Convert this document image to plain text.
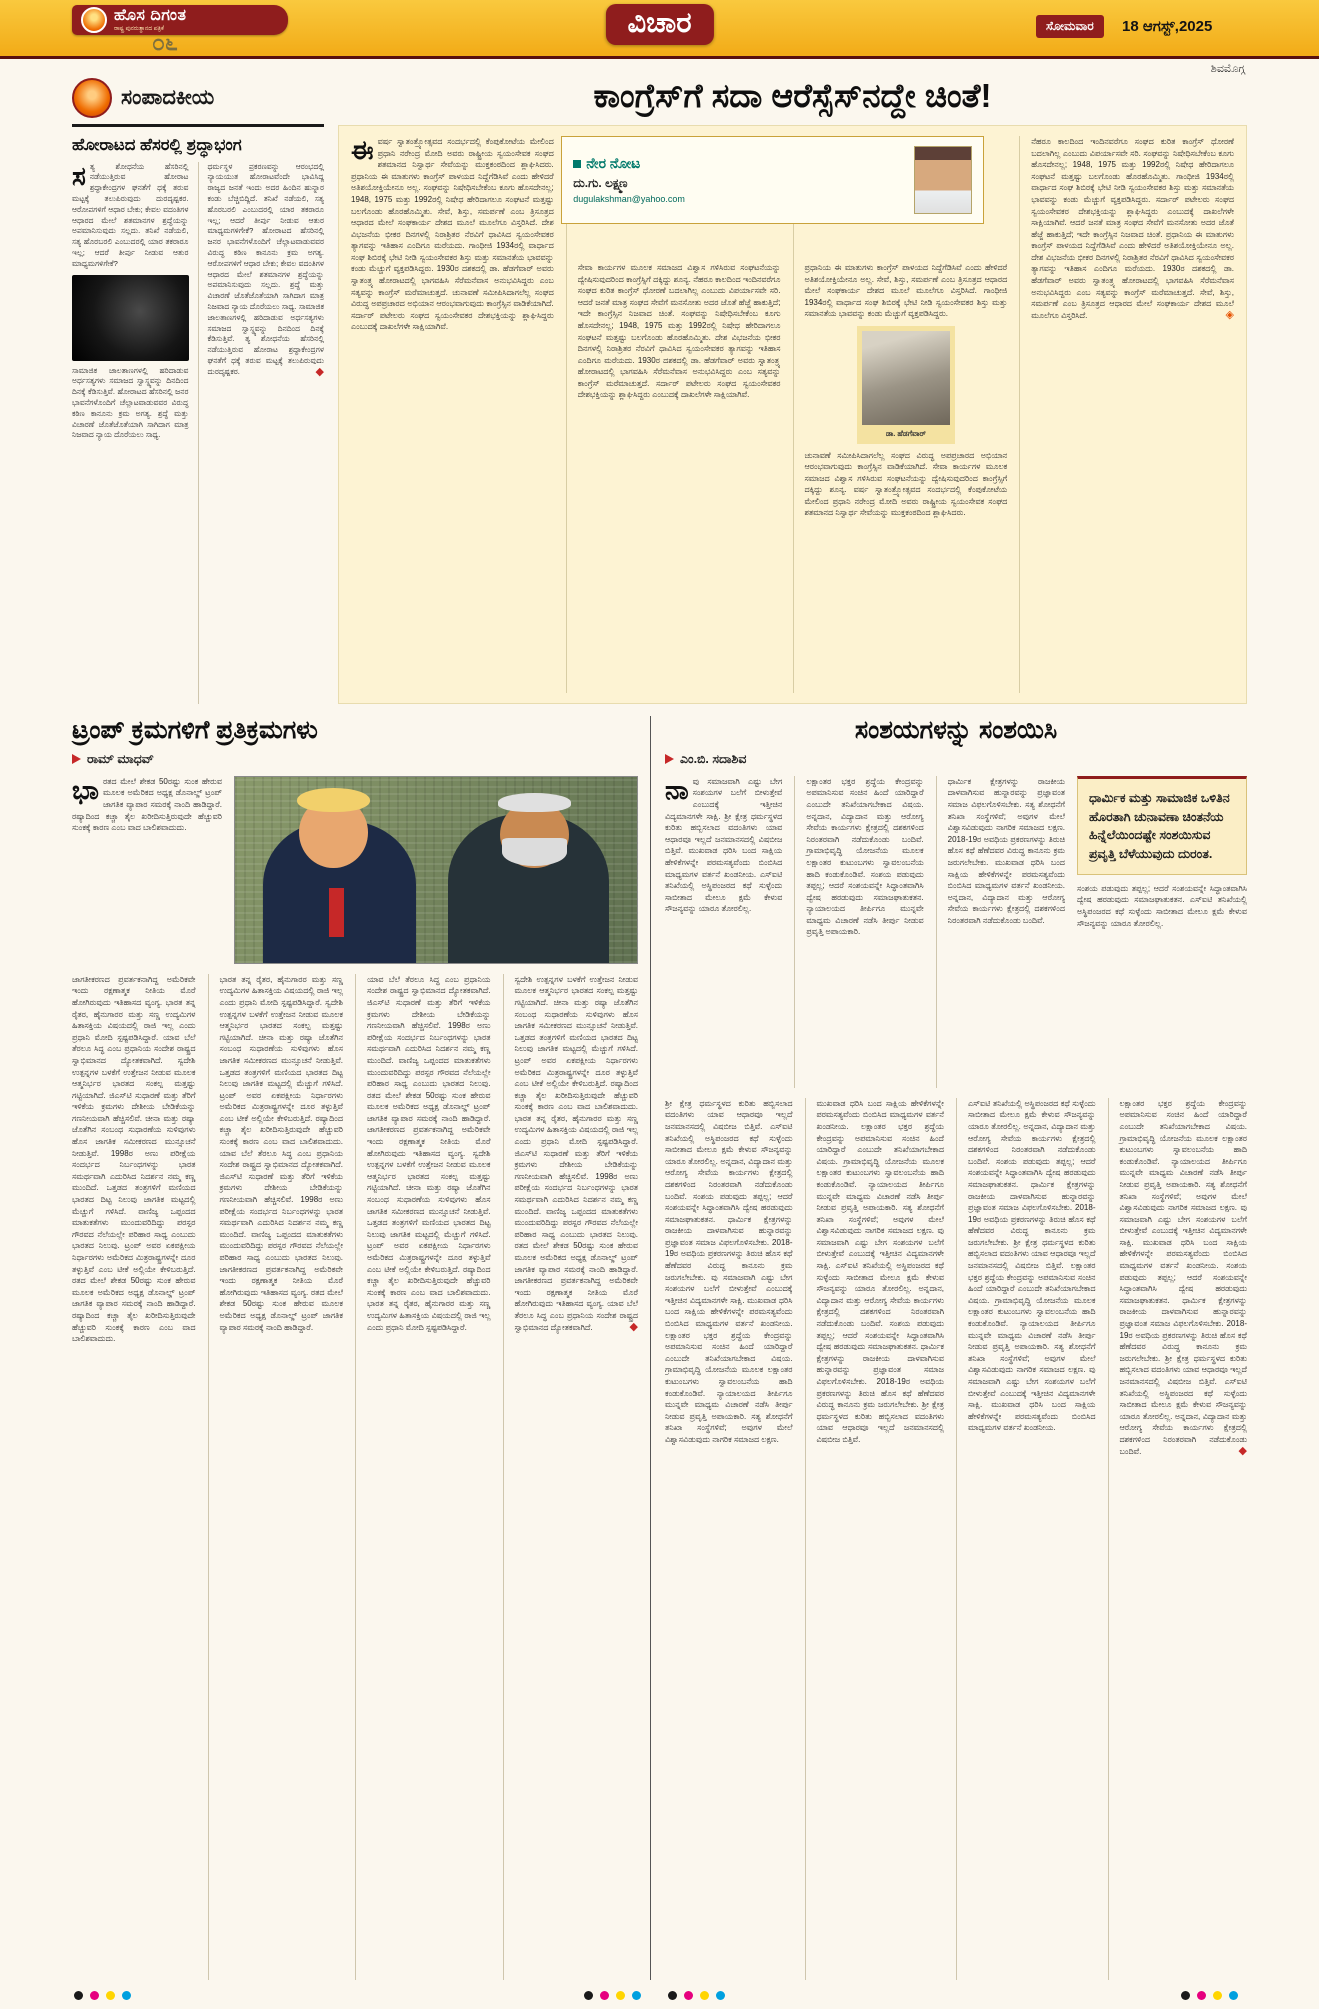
ಹೊಸ ದಿಗಂತ
ರಾಷ್ಟ್ರ ಪುನರುತ್ಥಾನದ ಪತ್ರಿಕೆ
೦೬
ವಿಚಾರ	ಸೋಮವಾರ	18 ಆಗಸ್ಟ್,2025
ಶಿವಮೊಗ್ಗ
ಸಂಪಾದಕೀಯ
ಹೋರಾಟದ ಹೆಸರಲ್ಲಿ ಶ್ರದ್ಧಾಭಂಗ
ಸ ತ್ಯ ಶೋಧನೆಯ ಹೆಸರಿನಲ್ಲಿ ನಡೆಯುತ್ತಿರುವ ಹೋರಾಟ ಶ್ರದ್ಧಾಕೇಂದ್ರಗಳ ಘನತೆಗೆ ಧಕ್ಕೆ ತರುವ ಮಟ್ಟಕ್ಕೆ ತಲುಪಿರುವುದು ದುರದೃಷ್ಟಕರ. ಆರೋಪಗಳಿಗೆ ಆಧಾರ ಬೇಕು; ಕೇವಲ ವದಂತಿಗಳ ಆಧಾರದ ಮೇಲೆ ಶತಮಾನಗಳ ಶ್ರದ್ಧೆಯನ್ನು ಅಪಮಾನಿಸುವುದು ಸಲ್ಲದು. ತನಿಖೆ ನಡೆಯಲಿ, ಸತ್ಯ ಹೊರಬರಲಿ ಎಂಬುದರಲ್ಲಿ ಯಾರ ತಕರಾರೂ ಇಲ್ಲ; ಆದರೆ ತೀರ್ಪು ನೀಡುವ ಆತುರ ಮಾಧ್ಯಮಗಳಿಗೇಕೆ?
ಸಾಮಾಜಿಕ ಜಾಲತಾಣಗಳಲ್ಲಿ ಹರಿದಾಡುವ ಅರ್ಧಸತ್ಯಗಳು ಸಮಾಜದ ಸ್ವಾಸ್ಥ್ಯವನ್ನು ದಿನದಿಂದ ದಿನಕ್ಕೆ ಕೆಡಿಸುತ್ತಿವೆ. ಹೋರಾಟದ ಹೆಸರಿನಲ್ಲಿ ಜನರ ಭಾವನೆಗಳೊಂದಿಗೆ ಚೆಲ್ಲಾಟವಾಡುವವರ ವಿರುದ್ಧ ಕಠಿಣ ಕಾನೂನು ಕ್ರಮ ಅಗತ್ಯ. ಶ್ರದ್ಧೆ ಮತ್ತು ವಿಚಾರಣೆ ಜೊತೆಜೊತೆಯಾಗಿ ಸಾಗಿದಾಗ ಮಾತ್ರ ನಿಜವಾದ ನ್ಯಾಯ ದೊರೆಯಲು ಸಾಧ್ಯ.
ಧರ್ಮಸ್ಥಳ ಪ್ರಕರಣವನ್ನು ಆರಂಭದಲ್ಲಿ ನ್ಯಾಯಯುತ ಹೋರಾಟವೆಂದೇ ಭಾವಿಸಿದ್ದ ರಾಜ್ಯದ ಜನತೆ ಇಂದು ಅದರ ಹಿಂದಿನ ಹುನ್ನಾರ ಕಂಡು ಬೆಚ್ಚಿಬಿದ್ದಿದೆ. ತನಿಖೆ ನಡೆಯಲಿ, ಸತ್ಯ ಹೊರಬರಲಿ ಎಂಬುದರಲ್ಲಿ ಯಾರ ತಕರಾರೂ ಇಲ್ಲ; ಆದರೆ ತೀರ್ಪು ನೀಡುವ ಆತುರ ಮಾಧ್ಯಮಗಳಿಗೇಕೆ? ಹೋರಾಟದ ಹೆಸರಿನಲ್ಲಿ ಜನರ ಭಾವನೆಗಳೊಂದಿಗೆ ಚೆಲ್ಲಾಟವಾಡುವವರ ವಿರುದ್ಧ ಕಠಿಣ ಕಾನೂನು ಕ್ರಮ ಅಗತ್ಯ. ಆರೋಪಗಳಿಗೆ ಆಧಾರ ಬೇಕು; ಕೇವಲ ವದಂತಿಗಳ ಆಧಾರದ ಮೇಲೆ ಶತಮಾನಗಳ ಶ್ರದ್ಧೆಯನ್ನು ಅಪಮಾನಿಸುವುದು ಸಲ್ಲದು. ಶ್ರದ್ಧೆ ಮತ್ತು ವಿಚಾರಣೆ ಜೊತೆಜೊತೆಯಾಗಿ ಸಾಗಿದಾಗ ಮಾತ್ರ ನಿಜವಾದ ನ್ಯಾಯ ದೊರೆಯಲು ಸಾಧ್ಯ. ಸಾಮಾಜಿಕ ಜಾಲತಾಣಗಳಲ್ಲಿ ಹರಿದಾಡುವ ಅರ್ಧಸತ್ಯಗಳು ಸಮಾಜದ ಸ್ವಾಸ್ಥ್ಯವನ್ನು ದಿನದಿಂದ ದಿನಕ್ಕೆ ಕೆಡಿಸುತ್ತಿವೆ. ತ್ಯ ಶೋಧನೆಯ ಹೆಸರಿನಲ್ಲಿ ನಡೆಯುತ್ತಿರುವ ಹೋರಾಟ ಶ್ರದ್ಧಾಕೇಂದ್ರಗಳ ಘನತೆಗೆ ಧಕ್ಕೆ ತರುವ ಮಟ್ಟಕ್ಕೆ ತಲುಪಿರುವುದು ದುರದೃಷ್ಟಕರ.	◆
ಕಾಂಗ್ರೆಸ್‌ಗೆ ಸದಾ ಆರೆಸ್ಸೆಸ್‌ನದ್ದೇ ಚಿಂತೆ!
ನೇರ ನೋಟ
ದು.ಗು. ಲಕ್ಷ್ಮಣ
dugulakshman@yahoo.com
ಈ ವರ್ಷ ಸ್ವಾತಂತ್ರ್ಯೋತ್ಸವದ ಸಂದರ್ಭದಲ್ಲಿ ಕೆಂಪುಕೋಟೆಯ ಮೇಲಿಂದ ಪ್ರಧಾನಿ ನರೇಂದ್ರ ಮೋದಿ ಅವರು ರಾಷ್ಟ್ರೀಯ ಸ್ವಯಂಸೇವಕ ಸಂಘದ ಶತಮಾನದ ನಿಸ್ವಾರ್ಥ ಸೇವೆಯನ್ನು ಮುಕ್ತಕಂಠದಿಂದ ಶ್ಲಾಘಿಸಿದರು. ಪ್ರಧಾನಿಯ ಈ ಮಾತುಗಳು ಕಾಂಗ್ರೆಸ್ ಪಾಳಯದ ನಿದ್ದೆಗೆಡಿಸಿವೆ ಎಂದು ಹೇಳಿದರೆ ಅತಿಶಯೋಕ್ತಿಯೇನೂ ಅಲ್ಲ. ಸಂಘವನ್ನು ನಿಷೇಧಿಸಬೇಕೆಂಬ ಕೂಗು ಹೊಸದೇನಲ್ಲ; 1948, 1975 ಮತ್ತು 1992ರಲ್ಲಿ ನಿಷೇಧ ಹೇರಿದಾಗಲೂ ಸಂಘಟನೆ ಮತ್ತಷ್ಟು ಬಲಗೊಂಡು ಹೊರಹೊಮ್ಮಿತು. ಸೇವೆ, ಶಿಸ್ತು, ಸಮರ್ಪಣೆ ಎಂಬ ತ್ರಿಸೂತ್ರದ ಆಧಾರದ ಮೇಲೆ ಸಂಘಕಾರ್ಯ ದೇಶದ ಮೂಲೆ ಮೂಲೆಗೂ ವಿಸ್ತರಿಸಿದೆ. ದೇಶ ವಿಭಜನೆಯ ಭೀಕರ ದಿನಗಳಲ್ಲಿ ನಿರಾಶ್ರಿತರ ನೆರವಿಗೆ ಧಾವಿಸಿದ ಸ್ವಯಂಸೇವಕರ ತ್ಯಾಗವನ್ನು ಇತಿಹಾಸ ಎಂದಿಗೂ ಮರೆಯದು. ಗಾಂಧೀಜಿ 1934ರಲ್ಲಿ ವಾರ್ಧಾದ ಸಂಘ ಶಿಬಿರಕ್ಕೆ ಭೇಟಿ ನೀಡಿ ಸ್ವಯಂಸೇವಕರ ಶಿಸ್ತು ಮತ್ತು ಸಮಾನತೆಯ ಭಾವವನ್ನು ಕಂಡು ಮೆಚ್ಚುಗೆ ವ್ಯಕ್ತಪಡಿಸಿದ್ದರು. 1930ರ ದಶಕದಲ್ಲಿ ಡಾ. ಹೆಡಗೆವಾರ್ ಅವರು ಸ್ವಾತಂತ್ರ್ಯ ಹೋರಾಟದಲ್ಲಿ ಭಾಗವಹಿಸಿ ಸೆರೆಮನೆವಾಸ ಅನುಭವಿಸಿದ್ದರು ಎಂಬ ಸತ್ಯವನ್ನು ಕಾಂಗ್ರೆಸ್ ಮರೆಮಾಚುತ್ತದೆ. ಚುನಾವಣೆ ಸಮೀಪಿಸಿದಾಗಲೆಲ್ಲ ಸಂಘದ ವಿರುದ್ಧ ಅಪಪ್ರಚಾರದ ಅಭಿಯಾನ ಆರಂಭವಾಗುವುದು ಕಾಂಗ್ರೆಸ್ಸಿನ ವಾಡಿಕೆಯಾಗಿದೆ. ಸರ್ದಾರ್ ಪಟೇಲರು ಸಂಘದ ಸ್ವಯಂಸೇವಕರ ದೇಶಭಕ್ತಿಯನ್ನು ಶ್ಲಾಘಿಸಿದ್ದರು ಎಂಬುದಕ್ಕೆ ದಾಖಲೆಗಳೇ ಸಾಕ್ಷಿಯಾಗಿವೆ.
ಸೇವಾ ಕಾರ್ಯಗಳ ಮೂಲಕ ಸಮಾಜದ ವಿಶ್ವಾಸ ಗಳಿಸಿರುವ ಸಂಘಟನೆಯನ್ನು ದ್ವೇಷಿಸುವುದರಿಂದ ಕಾಂಗ್ರೆಸ್ಸಿಗೆ ದಕ್ಕಿದ್ದು ಶೂನ್ಯ. ನೆಹರೂ ಕಾಲದಿಂದ ಇಂದಿನವರೆಗೂ ಸಂಘದ ಕುರಿತ ಕಾಂಗ್ರೆಸ್ ಧೋರಣೆ ಬದಲಾಗಿಲ್ಲ ಎಂಬುದು ವಿಪರ್ಯಾಸವೇ ಸರಿ. ಆದರೆ ಜನತೆ ಮಾತ್ರ ಸಂಘದ ಸೇವೆಗೆ ಮನಸೋತು ಅದರ ಜೊತೆ ಹೆಜ್ಜೆ ಹಾಕುತ್ತಿದೆ; ಇದೇ ಕಾಂಗ್ರೆಸ್ಸಿನ ನಿಜವಾದ ಚಿಂತೆ. ಸಂಘವನ್ನು ನಿಷೇಧಿಸಬೇಕೆಂಬ ಕೂಗು ಹೊಸದೇನಲ್ಲ; 1948, 1975 ಮತ್ತು 1992ರಲ್ಲಿ ನಿಷೇಧ ಹೇರಿದಾಗಲೂ ಸಂಘಟನೆ ಮತ್ತಷ್ಟು ಬಲಗೊಂಡು ಹೊರಹೊಮ್ಮಿತು. ದೇಶ ವಿಭಜನೆಯ ಭೀಕರ ದಿನಗಳಲ್ಲಿ ನಿರಾಶ್ರಿತರ ನೆರವಿಗೆ ಧಾವಿಸಿದ ಸ್ವಯಂಸೇವಕರ ತ್ಯಾಗವನ್ನು ಇತಿಹಾಸ ಎಂದಿಗೂ ಮರೆಯದು. 1930ರ ದಶಕದಲ್ಲಿ ಡಾ. ಹೆಡಗೆವಾರ್ ಅವರು ಸ್ವಾತಂತ್ರ್ಯ ಹೋರಾಟದಲ್ಲಿ ಭಾಗವಹಿಸಿ ಸೆರೆಮನೆವಾಸ ಅನುಭವಿಸಿದ್ದರು ಎಂಬ ಸತ್ಯವನ್ನು ಕಾಂಗ್ರೆಸ್ ಮರೆಮಾಚುತ್ತದೆ. ಸರ್ದಾರ್ ಪಟೇಲರು ಸಂಘದ ಸ್ವಯಂಸೇವಕರ ದೇಶಭಕ್ತಿಯನ್ನು ಶ್ಲಾಘಿಸಿದ್ದರು ಎಂಬುದಕ್ಕೆ ದಾಖಲೆಗಳೇ ಸಾಕ್ಷಿಯಾಗಿವೆ.
ಪ್ರಧಾನಿಯ ಈ ಮಾತುಗಳು ಕಾಂಗ್ರೆಸ್ ಪಾಳಯದ ನಿದ್ದೆಗೆಡಿಸಿವೆ ಎಂದು ಹೇಳಿದರೆ ಅತಿಶಯೋಕ್ತಿಯೇನೂ ಅಲ್ಲ. ಸೇವೆ, ಶಿಸ್ತು, ಸಮರ್ಪಣೆ ಎಂಬ ತ್ರಿಸೂತ್ರದ ಆಧಾರದ ಮೇಲೆ ಸಂಘಕಾರ್ಯ ದೇಶದ ಮೂಲೆ ಮೂಲೆಗೂ ವಿಸ್ತರಿಸಿದೆ. ಗಾಂಧೀಜಿ 1934ರಲ್ಲಿ ವಾರ್ಧಾದ ಸಂಘ ಶಿಬಿರಕ್ಕೆ ಭೇಟಿ ನೀಡಿ ಸ್ವಯಂಸೇವಕರ ಶಿಸ್ತು ಮತ್ತು ಸಮಾನತೆಯ ಭಾವವನ್ನು ಕಂಡು ಮೆಚ್ಚುಗೆ ವ್ಯಕ್ತಪಡಿಸಿದ್ದರು.
ಡಾ. ಹೆಡಗೆವಾರ್
ಚುನಾವಣೆ ಸಮೀಪಿಸಿದಾಗಲೆಲ್ಲ ಸಂಘದ ವಿರುದ್ಧ ಅಪಪ್ರಚಾರದ ಅಭಿಯಾನ ಆರಂಭವಾಗುವುದು ಕಾಂಗ್ರೆಸ್ಸಿನ ವಾಡಿಕೆಯಾಗಿದೆ. ಸೇವಾ ಕಾರ್ಯಗಳ ಮೂಲಕ ಸಮಾಜದ ವಿಶ್ವಾಸ ಗಳಿಸಿರುವ ಸಂಘಟನೆಯನ್ನು ದ್ವೇಷಿಸುವುದರಿಂದ ಕಾಂಗ್ರೆಸ್ಸಿಗೆ ದಕ್ಕಿದ್ದು ಶೂನ್ಯ. ವರ್ಷ ಸ್ವಾತಂತ್ರ್ಯೋತ್ಸವದ ಸಂದರ್ಭದಲ್ಲಿ ಕೆಂಪುಕೋಟೆಯ ಮೇಲಿಂದ ಪ್ರಧಾನಿ ನರೇಂದ್ರ ಮೋದಿ ಅವರು ರಾಷ್ಟ್ರೀಯ ಸ್ವಯಂಸೇವಕ ಸಂಘದ ಶತಮಾನದ ನಿಸ್ವಾರ್ಥ ಸೇವೆಯನ್ನು ಮುಕ್ತಕಂಠದಿಂದ ಶ್ಲಾಘಿಸಿದರು.
ನೆಹರೂ ಕಾಲದಿಂದ ಇಂದಿನವರೆಗೂ ಸಂಘದ ಕುರಿತ ಕಾಂಗ್ರೆಸ್ ಧೋರಣೆ ಬದಲಾಗಿಲ್ಲ ಎಂಬುದು ವಿಪರ್ಯಾಸವೇ ಸರಿ. ಸಂಘವನ್ನು ನಿಷೇಧಿಸಬೇಕೆಂಬ ಕೂಗು ಹೊಸದೇನಲ್ಲ; 1948, 1975 ಮತ್ತು 1992ರಲ್ಲಿ ನಿಷೇಧ ಹೇರಿದಾಗಲೂ ಸಂಘಟನೆ ಮತ್ತಷ್ಟು ಬಲಗೊಂಡು ಹೊರಹೊಮ್ಮಿತು. ಗಾಂಧೀಜಿ 1934ರಲ್ಲಿ ವಾರ್ಧಾದ ಸಂಘ ಶಿಬಿರಕ್ಕೆ ಭೇಟಿ ನೀಡಿ ಸ್ವಯಂಸೇವಕರ ಶಿಸ್ತು ಮತ್ತು ಸಮಾನತೆಯ ಭಾವವನ್ನು ಕಂಡು ಮೆಚ್ಚುಗೆ ವ್ಯಕ್ತಪಡಿಸಿದ್ದರು. ಸರ್ದಾರ್ ಪಟೇಲರು ಸಂಘದ ಸ್ವಯಂಸೇವಕರ ದೇಶಭಕ್ತಿಯನ್ನು ಶ್ಲಾಘಿಸಿದ್ದರು ಎಂಬುದಕ್ಕೆ ದಾಖಲೆಗಳೇ ಸಾಕ್ಷಿಯಾಗಿವೆ. ಆದರೆ ಜನತೆ ಮಾತ್ರ ಸಂಘದ ಸೇವೆಗೆ ಮನಸೋತು ಅದರ ಜೊತೆ ಹೆಜ್ಜೆ ಹಾಕುತ್ತಿದೆ; ಇದೇ ಕಾಂಗ್ರೆಸ್ಸಿನ ನಿಜವಾದ ಚಿಂತೆ. ಪ್ರಧಾನಿಯ ಈ ಮಾತುಗಳು ಕಾಂಗ್ರೆಸ್ ಪಾಳಯದ ನಿದ್ದೆಗೆಡಿಸಿವೆ ಎಂದು ಹೇಳಿದರೆ ಅತಿಶಯೋಕ್ತಿಯೇನೂ ಅಲ್ಲ. ದೇಶ ವಿಭಜನೆಯ ಭೀಕರ ದಿನಗಳಲ್ಲಿ ನಿರಾಶ್ರಿತರ ನೆರವಿಗೆ ಧಾವಿಸಿದ ಸ್ವಯಂಸೇವಕರ ತ್ಯಾಗವನ್ನು ಇತಿಹಾಸ ಎಂದಿಗೂ ಮರೆಯದು. 1930ರ ದಶಕದಲ್ಲಿ ಡಾ. ಹೆಡಗೆವಾರ್ ಅವರು ಸ್ವಾತಂತ್ರ್ಯ ಹೋರಾಟದಲ್ಲಿ ಭಾಗವಹಿಸಿ ಸೆರೆಮನೆವಾಸ ಅನುಭವಿಸಿದ್ದರು ಎಂಬ ಸತ್ಯವನ್ನು ಕಾಂಗ್ರೆಸ್ ಮರೆಮಾಚುತ್ತದೆ. ಸೇವೆ, ಶಿಸ್ತು, ಸಮರ್ಪಣೆ ಎಂಬ ತ್ರಿಸೂತ್ರದ ಆಧಾರದ ಮೇಲೆ ಸಂಘಕಾರ್ಯ ದೇಶದ ಮೂಲೆ ಮೂಲೆಗೂ ವಿಸ್ತರಿಸಿದೆ.	◈
ಟ್ರಂಪ್ ಕ್ರಮಗಳಿಗೆ ಪ್ರತಿಕ್ರಮಗಳು
ರಾಮ್ ಮಾಧವ್
ಭಾ ರತದ ಮೇಲೆ ಶೇಕಡ 50ರಷ್ಟು ಸುಂಕ ಹೇರುವ ಮೂಲಕ ಅಮೆರಿಕದ ಅಧ್ಯಕ್ಷ ಡೊನಾಲ್ಡ್ ಟ್ರಂಪ್ ಜಾಗತಿಕ ವ್ಯಾಪಾರ ಸಮರಕ್ಕೆ ನಾಂದಿ ಹಾಡಿದ್ದಾರೆ. ರಷ್ಯಾದಿಂದ ಕಚ್ಚಾ ತೈಲ ಖರೀದಿಸುತ್ತಿರುವುದೇ ಹೆಚ್ಚುವರಿ ಸುಂಕಕ್ಕೆ ಕಾರಣ ಎಂಬ ವಾದ ಬಾಲಿಶವಾದುದು.
ಜಾಗತೀಕರಣದ ಪ್ರವರ್ತಕನಾಗಿದ್ದ ಅಮೆರಿಕವೇ ಇಂದು ರಕ್ಷಣಾತ್ಮಕ ನೀತಿಯ ಮೊರೆ ಹೋಗಿರುವುದು ಇತಿಹಾಸದ ವ್ಯಂಗ್ಯ. ಭಾರತ ತನ್ನ ರೈತರ, ಹೈನುಗಾರರ ಮತ್ತು ಸಣ್ಣ ಉದ್ಯಮಿಗಳ ಹಿತಾಸಕ್ತಿಯ ವಿಷಯದಲ್ಲಿ ರಾಜಿ ಇಲ್ಲ ಎಂದು ಪ್ರಧಾನಿ ಮೋದಿ ಸ್ಪಷ್ಟಪಡಿಸಿದ್ದಾರೆ. ಯಾವ ಬೆಲೆ ತೆರಲೂ ಸಿದ್ಧ ಎಂಬ ಪ್ರಧಾನಿಯ ಸಂದೇಶ ರಾಷ್ಟ್ರದ ಸ್ವಾಭಿಮಾನದ ದ್ಯೋತಕವಾಗಿದೆ. ಸ್ವದೇಶಿ ಉತ್ಪನ್ನಗಳ ಬಳಕೆಗೆ ಉತ್ತೇಜನ ನೀಡುವ ಮೂಲಕ ಆತ್ಮನಿರ್ಭರ ಭಾರತದ ಸಂಕಲ್ಪ ಮತ್ತಷ್ಟು ಗಟ್ಟಿಯಾಗಿದೆ. ಜಿಎಸ್‌ಟಿ ಸುಧಾರಣೆ ಮತ್ತು ತೆರಿಗೆ ಇಳಿಕೆಯ ಕ್ರಮಗಳು ದೇಶೀಯ ಬೇಡಿಕೆಯನ್ನು ಗಣನೀಯವಾಗಿ ಹೆಚ್ಚಿಸಲಿವೆ. ಚೀನಾ ಮತ್ತು ರಷ್ಯಾ ಜೊತೆಗಿನ ಸಂಬಂಧ ಸುಧಾರಣೆಯ ಸುಳಿವುಗಳು ಹೊಸ ಜಾಗತಿಕ ಸಮೀಕರಣದ ಮುನ್ಸೂಚನೆ ನೀಡುತ್ತಿವೆ. 1998ರ ಅಣು ಪರೀಕ್ಷೆಯ ಸಂದರ್ಭದ ನಿರ್ಬಂಧಗಳನ್ನು ಭಾರತ ಸಮರ್ಥವಾಗಿ ಎದುರಿಸಿದ ನಿದರ್ಶನ ನಮ್ಮ ಕಣ್ಣ ಮುಂದಿದೆ. ಒತ್ತಡದ ತಂತ್ರಗಳಿಗೆ ಮಣಿಯದ ಭಾರತದ ದಿಟ್ಟ ನಿಲುವು ಜಾಗತಿಕ ಮಟ್ಟದಲ್ಲಿ ಮೆಚ್ಚುಗೆ ಗಳಿಸಿದೆ. ವಾಣಿಜ್ಯ ಒಪ್ಪಂದದ ಮಾತುಕತೆಗಳು ಮುಂದುವರಿದಿದ್ದು ಪರಸ್ಪರ ಗೌರವದ ನೆಲೆಯಲ್ಲೇ ಪರಿಹಾರ ಸಾಧ್ಯ ಎಂಬುದು ಭಾರತದ ನಿಲುವು. ಟ್ರಂಪ್ ಅವರ ಏಕಪಕ್ಷೀಯ ನಿರ್ಧಾರಗಳು ಅಮೆರಿಕದ ಮಿತ್ರರಾಷ್ಟ್ರಗಳನ್ನೇ ದೂರ ತಳ್ಳುತ್ತಿವೆ ಎಂಬ ಟೀಕೆ ಅಲ್ಲಿಯೇ ಕೇಳಿಬರುತ್ತಿದೆ. ರತದ ಮೇಲೆ ಶೇಕಡ 50ರಷ್ಟು ಸುಂಕ ಹೇರುವ ಮೂಲಕ ಅಮೆರಿಕದ ಅಧ್ಯಕ್ಷ ಡೊನಾಲ್ಡ್ ಟ್ರಂಪ್ ಜಾಗತಿಕ ವ್ಯಾಪಾರ ಸಮರಕ್ಕೆ ನಾಂದಿ ಹಾಡಿದ್ದಾರೆ. ರಷ್ಯಾದಿಂದ ಕಚ್ಚಾ ತೈಲ ಖರೀದಿಸುತ್ತಿರುವುದೇ ಹೆಚ್ಚುವರಿ ಸುಂಕಕ್ಕೆ ಕಾರಣ ಎಂಬ ವಾದ ಬಾಲಿಶವಾದುದು.
ಭಾರತ ತನ್ನ ರೈತರ, ಹೈನುಗಾರರ ಮತ್ತು ಸಣ್ಣ ಉದ್ಯಮಿಗಳ ಹಿತಾಸಕ್ತಿಯ ವಿಷಯದಲ್ಲಿ ರಾಜಿ ಇಲ್ಲ ಎಂದು ಪ್ರಧಾನಿ ಮೋದಿ ಸ್ಪಷ್ಟಪಡಿಸಿದ್ದಾರೆ. ಸ್ವದೇಶಿ ಉತ್ಪನ್ನಗಳ ಬಳಕೆಗೆ ಉತ್ತೇಜನ ನೀಡುವ ಮೂಲಕ ಆತ್ಮನಿರ್ಭರ ಭಾರತದ ಸಂಕಲ್ಪ ಮತ್ತಷ್ಟು ಗಟ್ಟಿಯಾಗಿದೆ. ಚೀನಾ ಮತ್ತು ರಷ್ಯಾ ಜೊತೆಗಿನ ಸಂಬಂಧ ಸುಧಾರಣೆಯ ಸುಳಿವುಗಳು ಹೊಸ ಜಾಗತಿಕ ಸಮೀಕರಣದ ಮುನ್ಸೂಚನೆ ನೀಡುತ್ತಿವೆ. ಒತ್ತಡದ ತಂತ್ರಗಳಿಗೆ ಮಣಿಯದ ಭಾರತದ ದಿಟ್ಟ ನಿಲುವು ಜಾಗತಿಕ ಮಟ್ಟದಲ್ಲಿ ಮೆಚ್ಚುಗೆ ಗಳಿಸಿದೆ. ಟ್ರಂಪ್ ಅವರ ಏಕಪಕ್ಷೀಯ ನಿರ್ಧಾರಗಳು ಅಮೆರಿಕದ ಮಿತ್ರರಾಷ್ಟ್ರಗಳನ್ನೇ ದೂರ ತಳ್ಳುತ್ತಿವೆ ಎಂಬ ಟೀಕೆ ಅಲ್ಲಿಯೇ ಕೇಳಿಬರುತ್ತಿದೆ. ರಷ್ಯಾದಿಂದ ಕಚ್ಚಾ ತೈಲ ಖರೀದಿಸುತ್ತಿರುವುದೇ ಹೆಚ್ಚುವರಿ ಸುಂಕಕ್ಕೆ ಕಾರಣ ಎಂಬ ವಾದ ಬಾಲಿಶವಾದುದು. ಯಾವ ಬೆಲೆ ತೆರಲೂ ಸಿದ್ಧ ಎಂಬ ಪ್ರಧಾನಿಯ ಸಂದೇಶ ರಾಷ್ಟ್ರದ ಸ್ವಾಭಿಮಾನದ ದ್ಯೋತಕವಾಗಿದೆ. ಜಿಎಸ್‌ಟಿ ಸುಧಾರಣೆ ಮತ್ತು ತೆರಿಗೆ ಇಳಿಕೆಯ ಕ್ರಮಗಳು ದೇಶೀಯ ಬೇಡಿಕೆಯನ್ನು ಗಣನೀಯವಾಗಿ ಹೆಚ್ಚಿಸಲಿವೆ. 1998ರ ಅಣು ಪರೀಕ್ಷೆಯ ಸಂದರ್ಭದ ನಿರ್ಬಂಧಗಳನ್ನು ಭಾರತ ಸಮರ್ಥವಾಗಿ ಎದುರಿಸಿದ ನಿದರ್ಶನ ನಮ್ಮ ಕಣ್ಣ ಮುಂದಿದೆ. ವಾಣಿಜ್ಯ ಒಪ್ಪಂದದ ಮಾತುಕತೆಗಳು ಮುಂದುವರಿದಿದ್ದು ಪರಸ್ಪರ ಗೌರವದ ನೆಲೆಯಲ್ಲೇ ಪರಿಹಾರ ಸಾಧ್ಯ ಎಂಬುದು ಭಾರತದ ನಿಲುವು. ಜಾಗತೀಕರಣದ ಪ್ರವರ್ತಕನಾಗಿದ್ದ ಅಮೆರಿಕವೇ ಇಂದು ರಕ್ಷಣಾತ್ಮಕ ನೀತಿಯ ಮೊರೆ ಹೋಗಿರುವುದು ಇತಿಹಾಸದ ವ್ಯಂಗ್ಯ. ರತದ ಮೇಲೆ ಶೇಕಡ 50ರಷ್ಟು ಸುಂಕ ಹೇರುವ ಮೂಲಕ ಅಮೆರಿಕದ ಅಧ್ಯಕ್ಷ ಡೊನಾಲ್ಡ್ ಟ್ರಂಪ್ ಜಾಗತಿಕ ವ್ಯಾಪಾರ ಸಮರಕ್ಕೆ ನಾಂದಿ ಹಾಡಿದ್ದಾರೆ.
ಯಾವ ಬೆಲೆ ತೆರಲೂ ಸಿದ್ಧ ಎಂಬ ಪ್ರಧಾನಿಯ ಸಂದೇಶ ರಾಷ್ಟ್ರದ ಸ್ವಾಭಿಮಾನದ ದ್ಯೋತಕವಾಗಿದೆ. ಜಿಎಸ್‌ಟಿ ಸುಧಾರಣೆ ಮತ್ತು ತೆರಿಗೆ ಇಳಿಕೆಯ ಕ್ರಮಗಳು ದೇಶೀಯ ಬೇಡಿಕೆಯನ್ನು ಗಣನೀಯವಾಗಿ ಹೆಚ್ಚಿಸಲಿವೆ. 1998ರ ಅಣು ಪರೀಕ್ಷೆಯ ಸಂದರ್ಭದ ನಿರ್ಬಂಧಗಳನ್ನು ಭಾರತ ಸಮರ್ಥವಾಗಿ ಎದುರಿಸಿದ ನಿದರ್ಶನ ನಮ್ಮ ಕಣ್ಣ ಮುಂದಿದೆ. ವಾಣಿಜ್ಯ ಒಪ್ಪಂದದ ಮಾತುಕತೆಗಳು ಮುಂದುವರಿದಿದ್ದು ಪರಸ್ಪರ ಗೌರವದ ನೆಲೆಯಲ್ಲೇ ಪರಿಹಾರ ಸಾಧ್ಯ ಎಂಬುದು ಭಾರತದ ನಿಲುವು. ರತದ ಮೇಲೆ ಶೇಕಡ 50ರಷ್ಟು ಸುಂಕ ಹೇರುವ ಮೂಲಕ ಅಮೆರಿಕದ ಅಧ್ಯಕ್ಷ ಡೊನಾಲ್ಡ್ ಟ್ರಂಪ್ ಜಾಗತಿಕ ವ್ಯಾಪಾರ ಸಮರಕ್ಕೆ ನಾಂದಿ ಹಾಡಿದ್ದಾರೆ. ಜಾಗತೀಕರಣದ ಪ್ರವರ್ತಕನಾಗಿದ್ದ ಅಮೆರಿಕವೇ ಇಂದು ರಕ್ಷಣಾತ್ಮಕ ನೀತಿಯ ಮೊರೆ ಹೋಗಿರುವುದು ಇತಿಹಾಸದ ವ್ಯಂಗ್ಯ. ಸ್ವದೇಶಿ ಉತ್ಪನ್ನಗಳ ಬಳಕೆಗೆ ಉತ್ತೇಜನ ನೀಡುವ ಮೂಲಕ ಆತ್ಮನಿರ್ಭರ ಭಾರತದ ಸಂಕಲ್ಪ ಮತ್ತಷ್ಟು ಗಟ್ಟಿಯಾಗಿದೆ. ಚೀನಾ ಮತ್ತು ರಷ್ಯಾ ಜೊತೆಗಿನ ಸಂಬಂಧ ಸುಧಾರಣೆಯ ಸುಳಿವುಗಳು ಹೊಸ ಜಾಗತಿಕ ಸಮೀಕರಣದ ಮುನ್ಸೂಚನೆ ನೀಡುತ್ತಿವೆ. ಒತ್ತಡದ ತಂತ್ರಗಳಿಗೆ ಮಣಿಯದ ಭಾರತದ ದಿಟ್ಟ ನಿಲುವು ಜಾಗತಿಕ ಮಟ್ಟದಲ್ಲಿ ಮೆಚ್ಚುಗೆ ಗಳಿಸಿದೆ. ಟ್ರಂಪ್ ಅವರ ಏಕಪಕ್ಷೀಯ ನಿರ್ಧಾರಗಳು ಅಮೆರಿಕದ ಮಿತ್ರರಾಷ್ಟ್ರಗಳನ್ನೇ ದೂರ ತಳ್ಳುತ್ತಿವೆ ಎಂಬ ಟೀಕೆ ಅಲ್ಲಿಯೇ ಕೇಳಿಬರುತ್ತಿದೆ. ರಷ್ಯಾದಿಂದ ಕಚ್ಚಾ ತೈಲ ಖರೀದಿಸುತ್ತಿರುವುದೇ ಹೆಚ್ಚುವರಿ ಸುಂಕಕ್ಕೆ ಕಾರಣ ಎಂಬ ವಾದ ಬಾಲಿಶವಾದುದು. ಭಾರತ ತನ್ನ ರೈತರ, ಹೈನುಗಾರರ ಮತ್ತು ಸಣ್ಣ ಉದ್ಯಮಿಗಳ ಹಿತಾಸಕ್ತಿಯ ವಿಷಯದಲ್ಲಿ ರಾಜಿ ಇಲ್ಲ ಎಂದು ಪ್ರಧಾನಿ ಮೋದಿ ಸ್ಪಷ್ಟಪಡಿಸಿದ್ದಾರೆ.
ಸ್ವದೇಶಿ ಉತ್ಪನ್ನಗಳ ಬಳಕೆಗೆ ಉತ್ತೇಜನ ನೀಡುವ ಮೂಲಕ ಆತ್ಮನಿರ್ಭರ ಭಾರತದ ಸಂಕಲ್ಪ ಮತ್ತಷ್ಟು ಗಟ್ಟಿಯಾಗಿದೆ. ಚೀನಾ ಮತ್ತು ರಷ್ಯಾ ಜೊತೆಗಿನ ಸಂಬಂಧ ಸುಧಾರಣೆಯ ಸುಳಿವುಗಳು ಹೊಸ ಜಾಗತಿಕ ಸಮೀಕರಣದ ಮುನ್ಸೂಚನೆ ನೀಡುತ್ತಿವೆ. ಒತ್ತಡದ ತಂತ್ರಗಳಿಗೆ ಮಣಿಯದ ಭಾರತದ ದಿಟ್ಟ ನಿಲುವು ಜಾಗತಿಕ ಮಟ್ಟದಲ್ಲಿ ಮೆಚ್ಚುಗೆ ಗಳಿಸಿದೆ. ಟ್ರಂಪ್ ಅವರ ಏಕಪಕ್ಷೀಯ ನಿರ್ಧಾರಗಳು ಅಮೆರಿಕದ ಮಿತ್ರರಾಷ್ಟ್ರಗಳನ್ನೇ ದೂರ ತಳ್ಳುತ್ತಿವೆ ಎಂಬ ಟೀಕೆ ಅಲ್ಲಿಯೇ ಕೇಳಿಬರುತ್ತಿದೆ. ರಷ್ಯಾದಿಂದ ಕಚ್ಚಾ ತೈಲ ಖರೀದಿಸುತ್ತಿರುವುದೇ ಹೆಚ್ಚುವರಿ ಸುಂಕಕ್ಕೆ ಕಾರಣ ಎಂಬ ವಾದ ಬಾಲಿಶವಾದುದು. ಭಾರತ ತನ್ನ ರೈತರ, ಹೈನುಗಾರರ ಮತ್ತು ಸಣ್ಣ ಉದ್ಯಮಿಗಳ ಹಿತಾಸಕ್ತಿಯ ವಿಷಯದಲ್ಲಿ ರಾಜಿ ಇಲ್ಲ ಎಂದು ಪ್ರಧಾನಿ ಮೋದಿ ಸ್ಪಷ್ಟಪಡಿಸಿದ್ದಾರೆ. ಜಿಎಸ್‌ಟಿ ಸುಧಾರಣೆ ಮತ್ತು ತೆರಿಗೆ ಇಳಿಕೆಯ ಕ್ರಮಗಳು ದೇಶೀಯ ಬೇಡಿಕೆಯನ್ನು ಗಣನೀಯವಾಗಿ ಹೆಚ್ಚಿಸಲಿವೆ. 1998ರ ಅಣು ಪರೀಕ್ಷೆಯ ಸಂದರ್ಭದ ನಿರ್ಬಂಧಗಳನ್ನು ಭಾರತ ಸಮರ್ಥವಾಗಿ ಎದುರಿಸಿದ ನಿದರ್ಶನ ನಮ್ಮ ಕಣ್ಣ ಮುಂದಿದೆ. ವಾಣಿಜ್ಯ ಒಪ್ಪಂದದ ಮಾತುಕತೆಗಳು ಮುಂದುವರಿದಿದ್ದು ಪರಸ್ಪರ ಗೌರವದ ನೆಲೆಯಲ್ಲೇ ಪರಿಹಾರ ಸಾಧ್ಯ ಎಂಬುದು ಭಾರತದ ನಿಲುವು. ರತದ ಮೇಲೆ ಶೇಕಡ 50ರಷ್ಟು ಸುಂಕ ಹೇರುವ ಮೂಲಕ ಅಮೆರಿಕದ ಅಧ್ಯಕ್ಷ ಡೊನಾಲ್ಡ್ ಟ್ರಂಪ್ ಜಾಗತಿಕ ವ್ಯಾಪಾರ ಸಮರಕ್ಕೆ ನಾಂದಿ ಹಾಡಿದ್ದಾರೆ. ಜಾಗತೀಕರಣದ ಪ್ರವರ್ತಕನಾಗಿದ್ದ ಅಮೆರಿಕವೇ ಇಂದು ರಕ್ಷಣಾತ್ಮಕ ನೀತಿಯ ಮೊರೆ ಹೋಗಿರುವುದು ಇತಿಹಾಸದ ವ್ಯಂಗ್ಯ. ಯಾವ ಬೆಲೆ ತೆರಲೂ ಸಿದ್ಧ ಎಂಬ ಪ್ರಧಾನಿಯ ಸಂದೇಶ ರಾಷ್ಟ್ರದ ಸ್ವಾಭಿಮಾನದ ದ್ಯೋತಕವಾಗಿದೆ.	◆
ಸಂಶಯಗಳನ್ನು ಸಂಶಯಿಸಿ
ಎಂ.ಬಿ. ಸದಾಶಿವ
ನಾ ವು ಸಮಾಜವಾಗಿ ಎಷ್ಟು ಬೇಗ ಸಂಶಯಗಳ ಬಲೆಗೆ ಬೀಳುತ್ತೇವೆ ಎಂಬುದಕ್ಕೆ ಇತ್ತೀಚಿನ ವಿದ್ಯಮಾನಗಳೇ ಸಾಕ್ಷಿ. ಶ್ರೀ ಕ್ಷೇತ್ರ ಧರ್ಮಸ್ಥಳದ ಕುರಿತು ಹಬ್ಬಿಸಲಾದ ವದಂತಿಗಳು ಯಾವ ಆಧಾರವೂ ಇಲ್ಲದೆ ಜನಮಾನಸದಲ್ಲಿ ವಿಷಬೀಜ ಬಿತ್ತಿವೆ. ಮುಖವಾಡ ಧರಿಸಿ ಬಂದ ಸಾಕ್ಷಿಯ ಹೇಳಿಕೆಗಳನ್ನೇ ಪರಮಸತ್ಯವೆಂದು ಬಿಂಬಿಸಿದ ಮಾಧ್ಯಮಗಳ ವರ್ತನೆ ಖಂಡನೀಯ. ಎಸ್‌ಐಟಿ ತನಿಖೆಯಲ್ಲಿ ಅಸ್ಥಿಪಂಜರದ ಕಥೆ ಸುಳ್ಳೆಂದು ಸಾಬೀತಾದ ಮೇಲೂ ಕ್ಷಮೆ ಕೇಳುವ ಸೌಜನ್ಯವನ್ನು ಯಾರೂ ತೋರಲಿಲ್ಲ.
ಲಕ್ಷಾಂತರ ಭಕ್ತರ ಶ್ರದ್ಧೆಯ ಕೇಂದ್ರವನ್ನು ಅಪಮಾನಿಸುವ ಸಂಚಿನ ಹಿಂದೆ ಯಾರಿದ್ದಾರೆ ಎಂಬುದೇ ತನಿಖೆಯಾಗಬೇಕಾದ ವಿಷಯ. ಅನ್ನದಾನ, ವಿದ್ಯಾದಾನ ಮತ್ತು ಆರೋಗ್ಯ ಸೇವೆಯ ಕಾರ್ಯಗಳು ಕ್ಷೇತ್ರದಲ್ಲಿ ದಶಕಗಳಿಂದ ನಿರಂತರವಾಗಿ ನಡೆದುಕೊಂಡು ಬಂದಿವೆ. ಗ್ರಾಮಾಭಿವೃದ್ಧಿ ಯೋಜನೆಯ ಮೂಲಕ ಲಕ್ಷಾಂತರ ಕುಟುಂಬಗಳು ಸ್ವಾವಲಂಬನೆಯ ಹಾದಿ ಕಂಡುಕೊಂಡಿವೆ. ಸಂಶಯ ಪಡುವುದು ತಪ್ಪಲ್ಲ; ಆದರೆ ಸಂಶಯವನ್ನೇ ಸಿದ್ಧಾಂತವಾಗಿಸಿ ದ್ವೇಷ ಹರಡುವುದು ಸಮಾಜಘಾತುಕತನ. ನ್ಯಾಯಾಲಯದ ತೀರ್ಪಿಗೂ ಮುನ್ನವೇ ಮಾಧ್ಯಮ ವಿಚಾರಣೆ ನಡೆಸಿ ತೀರ್ಪು ನೀಡುವ ಪ್ರವೃತ್ತಿ ಅಪಾಯಕಾರಿ.
ಧಾರ್ಮಿಕ ಕ್ಷೇತ್ರಗಳನ್ನು ರಾಜಕೀಯ ದಾಳವಾಗಿಸುವ ಹುನ್ನಾರವನ್ನು ಪ್ರಜ್ಞಾವಂತ ಸಮಾಜ ವಿಫಲಗೊಳಿಸಬೇಕು. ಸತ್ಯ ಶೋಧನೆಗೆ ತನಿಖಾ ಸಂಸ್ಥೆಗಳಿವೆ; ಅವುಗಳ ಮೇಲೆ ವಿಶ್ವಾಸವಿಡುವುದು ನಾಗರಿಕ ಸಮಾಜದ ಲಕ್ಷಣ. 2018-19ರ ಅವಧಿಯ ಪ್ರಕರಣಗಳನ್ನು ತಿರುಚಿ ಹೊಸ ಕಥೆ ಹೆಣೆದವರ ವಿರುದ್ಧ ಕಾನೂನು ಕ್ರಮ ಜರುಗಲೇಬೇಕು. ಮುಖವಾಡ ಧರಿಸಿ ಬಂದ ಸಾಕ್ಷಿಯ ಹೇಳಿಕೆಗಳನ್ನೇ ಪರಮಸತ್ಯವೆಂದು ಬಿಂಬಿಸಿದ ಮಾಧ್ಯಮಗಳ ವರ್ತನೆ ಖಂಡನೀಯ. ಅನ್ನದಾನ, ವಿದ್ಯಾದಾನ ಮತ್ತು ಆರೋಗ್ಯ ಸೇವೆಯ ಕಾರ್ಯಗಳು ಕ್ಷೇತ್ರದಲ್ಲಿ ದಶಕಗಳಿಂದ ನಿರಂತರವಾಗಿ ನಡೆದುಕೊಂಡು ಬಂದಿವೆ.
ಧಾರ್ಮಿಕ ಮತ್ತು ಸಾಮಾಜಿಕ ಒಳಿತಿನ ಹೊರತಾಗಿ ಚುನಾವಣಾ ಚಿಂತನೆಯ ಹಿನ್ನೆಲೆಯಿಂದಷ್ಟೇ ಸಂಶಯಿಸುವ ಪ್ರವೃತ್ತಿ ಬೆಳೆಯುವುದು ದುರಂತ.
ಸಂಶಯ ಪಡುವುದು ತಪ್ಪಲ್ಲ; ಆದರೆ ಸಂಶಯವನ್ನೇ ಸಿದ್ಧಾಂತವಾಗಿಸಿ ದ್ವೇಷ ಹರಡುವುದು ಸಮಾಜಘಾತುಕತನ. ಎಸ್‌ಐಟಿ ತನಿಖೆಯಲ್ಲಿ ಅಸ್ಥಿಪಂಜರದ ಕಥೆ ಸುಳ್ಳೆಂದು ಸಾಬೀತಾದ ಮೇಲೂ ಕ್ಷಮೆ ಕೇಳುವ ಸೌಜನ್ಯವನ್ನು ಯಾರೂ ತೋರಲಿಲ್ಲ.
ಶ್ರೀ ಕ್ಷೇತ್ರ ಧರ್ಮಸ್ಥಳದ ಕುರಿತು ಹಬ್ಬಿಸಲಾದ ವದಂತಿಗಳು ಯಾವ ಆಧಾರವೂ ಇಲ್ಲದೆ ಜನಮಾನಸದಲ್ಲಿ ವಿಷಬೀಜ ಬಿತ್ತಿವೆ. ಎಸ್‌ಐಟಿ ತನಿಖೆಯಲ್ಲಿ ಅಸ್ಥಿಪಂಜರದ ಕಥೆ ಸುಳ್ಳೆಂದು ಸಾಬೀತಾದ ಮೇಲೂ ಕ್ಷಮೆ ಕೇಳುವ ಸೌಜನ್ಯವನ್ನು ಯಾರೂ ತೋರಲಿಲ್ಲ. ಅನ್ನದಾನ, ವಿದ್ಯಾದಾನ ಮತ್ತು ಆರೋಗ್ಯ ಸೇವೆಯ ಕಾರ್ಯಗಳು ಕ್ಷೇತ್ರದಲ್ಲಿ ದಶಕಗಳಿಂದ ನಿರಂತರವಾಗಿ ನಡೆದುಕೊಂಡು ಬಂದಿವೆ. ಸಂಶಯ ಪಡುವುದು ತಪ್ಪಲ್ಲ; ಆದರೆ ಸಂಶಯವನ್ನೇ ಸಿದ್ಧಾಂತವಾಗಿಸಿ ದ್ವೇಷ ಹರಡುವುದು ಸಮಾಜಘಾತುಕತನ. ಧಾರ್ಮಿಕ ಕ್ಷೇತ್ರಗಳನ್ನು ರಾಜಕೀಯ ದಾಳವಾಗಿಸುವ ಹುನ್ನಾರವನ್ನು ಪ್ರಜ್ಞಾವಂತ ಸಮಾಜ ವಿಫಲಗೊಳಿಸಬೇಕು. 2018-19ರ ಅವಧಿಯ ಪ್ರಕರಣಗಳನ್ನು ತಿರುಚಿ ಹೊಸ ಕಥೆ ಹೆಣೆದವರ ವಿರುದ್ಧ ಕಾನೂನು ಕ್ರಮ ಜರುಗಲೇಬೇಕು. ವು ಸಮಾಜವಾಗಿ ಎಷ್ಟು ಬೇಗ ಸಂಶಯಗಳ ಬಲೆಗೆ ಬೀಳುತ್ತೇವೆ ಎಂಬುದಕ್ಕೆ ಇತ್ತೀಚಿನ ವಿದ್ಯಮಾನಗಳೇ ಸಾಕ್ಷಿ. ಮುಖವಾಡ ಧರಿಸಿ ಬಂದ ಸಾಕ್ಷಿಯ ಹೇಳಿಕೆಗಳನ್ನೇ ಪರಮಸತ್ಯವೆಂದು ಬಿಂಬಿಸಿದ ಮಾಧ್ಯಮಗಳ ವರ್ತನೆ ಖಂಡನೀಯ. ಲಕ್ಷಾಂತರ ಭಕ್ತರ ಶ್ರದ್ಧೆಯ ಕೇಂದ್ರವನ್ನು ಅಪಮಾನಿಸುವ ಸಂಚಿನ ಹಿಂದೆ ಯಾರಿದ್ದಾರೆ ಎಂಬುದೇ ತನಿಖೆಯಾಗಬೇಕಾದ ವಿಷಯ. ಗ್ರಾಮಾಭಿವೃದ್ಧಿ ಯೋಜನೆಯ ಮೂಲಕ ಲಕ್ಷಾಂತರ ಕುಟುಂಬಗಳು ಸ್ವಾವಲಂಬನೆಯ ಹಾದಿ ಕಂಡುಕೊಂಡಿವೆ. ನ್ಯಾಯಾಲಯದ ತೀರ್ಪಿಗೂ ಮುನ್ನವೇ ಮಾಧ್ಯಮ ವಿಚಾರಣೆ ನಡೆಸಿ ತೀರ್ಪು ನೀಡುವ ಪ್ರವೃತ್ತಿ ಅಪಾಯಕಾರಿ. ಸತ್ಯ ಶೋಧನೆಗೆ ತನಿಖಾ ಸಂಸ್ಥೆಗಳಿವೆ; ಅವುಗಳ ಮೇಲೆ ವಿಶ್ವಾಸವಿಡುವುದು ನಾಗರಿಕ ಸಮಾಜದ ಲಕ್ಷಣ.
ಮುಖವಾಡ ಧರಿಸಿ ಬಂದ ಸಾಕ್ಷಿಯ ಹೇಳಿಕೆಗಳನ್ನೇ ಪರಮಸತ್ಯವೆಂದು ಬಿಂಬಿಸಿದ ಮಾಧ್ಯಮಗಳ ವರ್ತನೆ ಖಂಡನೀಯ. ಲಕ್ಷಾಂತರ ಭಕ್ತರ ಶ್ರದ್ಧೆಯ ಕೇಂದ್ರವನ್ನು ಅಪಮಾನಿಸುವ ಸಂಚಿನ ಹಿಂದೆ ಯಾರಿದ್ದಾರೆ ಎಂಬುದೇ ತನಿಖೆಯಾಗಬೇಕಾದ ವಿಷಯ. ಗ್ರಾಮಾಭಿವೃದ್ಧಿ ಯೋಜನೆಯ ಮೂಲಕ ಲಕ್ಷಾಂತರ ಕುಟುಂಬಗಳು ಸ್ವಾವಲಂಬನೆಯ ಹಾದಿ ಕಂಡುಕೊಂಡಿವೆ. ನ್ಯಾಯಾಲಯದ ತೀರ್ಪಿಗೂ ಮುನ್ನವೇ ಮಾಧ್ಯಮ ವಿಚಾರಣೆ ನಡೆಸಿ ತೀರ್ಪು ನೀಡುವ ಪ್ರವೃತ್ತಿ ಅಪಾಯಕಾರಿ. ಸತ್ಯ ಶೋಧನೆಗೆ ತನಿಖಾ ಸಂಸ್ಥೆಗಳಿವೆ; ಅವುಗಳ ಮೇಲೆ ವಿಶ್ವಾಸವಿಡುವುದು ನಾಗರಿಕ ಸಮಾಜದ ಲಕ್ಷಣ. ವು ಸಮಾಜವಾಗಿ ಎಷ್ಟು ಬೇಗ ಸಂಶಯಗಳ ಬಲೆಗೆ ಬೀಳುತ್ತೇವೆ ಎಂಬುದಕ್ಕೆ ಇತ್ತೀಚಿನ ವಿದ್ಯಮಾನಗಳೇ ಸಾಕ್ಷಿ. ಎಸ್‌ಐಟಿ ತನಿಖೆಯಲ್ಲಿ ಅಸ್ಥಿಪಂಜರದ ಕಥೆ ಸುಳ್ಳೆಂದು ಸಾಬೀತಾದ ಮೇಲೂ ಕ್ಷಮೆ ಕೇಳುವ ಸೌಜನ್ಯವನ್ನು ಯಾರೂ ತೋರಲಿಲ್ಲ. ಅನ್ನದಾನ, ವಿದ್ಯಾದಾನ ಮತ್ತು ಆರೋಗ್ಯ ಸೇವೆಯ ಕಾರ್ಯಗಳು ಕ್ಷೇತ್ರದಲ್ಲಿ ದಶಕಗಳಿಂದ ನಿರಂತರವಾಗಿ ನಡೆದುಕೊಂಡು ಬಂದಿವೆ. ಸಂಶಯ ಪಡುವುದು ತಪ್ಪಲ್ಲ; ಆದರೆ ಸಂಶಯವನ್ನೇ ಸಿದ್ಧಾಂತವಾಗಿಸಿ ದ್ವೇಷ ಹರಡುವುದು ಸಮಾಜಘಾತುಕತನ. ಧಾರ್ಮಿಕ ಕ್ಷೇತ್ರಗಳನ್ನು ರಾಜಕೀಯ ದಾಳವಾಗಿಸುವ ಹುನ್ನಾರವನ್ನು ಪ್ರಜ್ಞಾವಂತ ಸಮಾಜ ವಿಫಲಗೊಳಿಸಬೇಕು. 2018-19ರ ಅವಧಿಯ ಪ್ರಕರಣಗಳನ್ನು ತಿರುಚಿ ಹೊಸ ಕಥೆ ಹೆಣೆದವರ ವಿರುದ್ಧ ಕಾನೂನು ಕ್ರಮ ಜರುಗಲೇಬೇಕು. ಶ್ರೀ ಕ್ಷೇತ್ರ ಧರ್ಮಸ್ಥಳದ ಕುರಿತು ಹಬ್ಬಿಸಲಾದ ವದಂತಿಗಳು ಯಾವ ಆಧಾರವೂ ಇಲ್ಲದೆ ಜನಮಾನಸದಲ್ಲಿ ವಿಷಬೀಜ ಬಿತ್ತಿವೆ.
ಎಸ್‌ಐಟಿ ತನಿಖೆಯಲ್ಲಿ ಅಸ್ಥಿಪಂಜರದ ಕಥೆ ಸುಳ್ಳೆಂದು ಸಾಬೀತಾದ ಮೇಲೂ ಕ್ಷಮೆ ಕೇಳುವ ಸೌಜನ್ಯವನ್ನು ಯಾರೂ ತೋರಲಿಲ್ಲ. ಅನ್ನದಾನ, ವಿದ್ಯಾದಾನ ಮತ್ತು ಆರೋಗ್ಯ ಸೇವೆಯ ಕಾರ್ಯಗಳು ಕ್ಷೇತ್ರದಲ್ಲಿ ದಶಕಗಳಿಂದ ನಿರಂತರವಾಗಿ ನಡೆದುಕೊಂಡು ಬಂದಿವೆ. ಸಂಶಯ ಪಡುವುದು ತಪ್ಪಲ್ಲ; ಆದರೆ ಸಂಶಯವನ್ನೇ ಸಿದ್ಧಾಂತವಾಗಿಸಿ ದ್ವೇಷ ಹರಡುವುದು ಸಮಾಜಘಾತುಕತನ. ಧಾರ್ಮಿಕ ಕ್ಷೇತ್ರಗಳನ್ನು ರಾಜಕೀಯ ದಾಳವಾಗಿಸುವ ಹುನ್ನಾರವನ್ನು ಪ್ರಜ್ಞಾವಂತ ಸಮಾಜ ವಿಫಲಗೊಳಿಸಬೇಕು. 2018-19ರ ಅವಧಿಯ ಪ್ರಕರಣಗಳನ್ನು ತಿರುಚಿ ಹೊಸ ಕಥೆ ಹೆಣೆದವರ ವಿರುದ್ಧ ಕಾನೂನು ಕ್ರಮ ಜರುಗಲೇಬೇಕು. ಶ್ರೀ ಕ್ಷೇತ್ರ ಧರ್ಮಸ್ಥಳದ ಕುರಿತು ಹಬ್ಬಿಸಲಾದ ವದಂತಿಗಳು ಯಾವ ಆಧಾರವೂ ಇಲ್ಲದೆ ಜನಮಾನಸದಲ್ಲಿ ವಿಷಬೀಜ ಬಿತ್ತಿವೆ. ಲಕ್ಷಾಂತರ ಭಕ್ತರ ಶ್ರದ್ಧೆಯ ಕೇಂದ್ರವನ್ನು ಅಪಮಾನಿಸುವ ಸಂಚಿನ ಹಿಂದೆ ಯಾರಿದ್ದಾರೆ ಎಂಬುದೇ ತನಿಖೆಯಾಗಬೇಕಾದ ವಿಷಯ. ಗ್ರಾಮಾಭಿವೃದ್ಧಿ ಯೋಜನೆಯ ಮೂಲಕ ಲಕ್ಷಾಂತರ ಕುಟುಂಬಗಳು ಸ್ವಾವಲಂಬನೆಯ ಹಾದಿ ಕಂಡುಕೊಂಡಿವೆ. ನ್ಯಾಯಾಲಯದ ತೀರ್ಪಿಗೂ ಮುನ್ನವೇ ಮಾಧ್ಯಮ ವಿಚಾರಣೆ ನಡೆಸಿ ತೀರ್ಪು ನೀಡುವ ಪ್ರವೃತ್ತಿ ಅಪಾಯಕಾರಿ. ಸತ್ಯ ಶೋಧನೆಗೆ ತನಿಖಾ ಸಂಸ್ಥೆಗಳಿವೆ; ಅವುಗಳ ಮೇಲೆ ವಿಶ್ವಾಸವಿಡುವುದು ನಾಗರಿಕ ಸಮಾಜದ ಲಕ್ಷಣ. ವು ಸಮಾಜವಾಗಿ ಎಷ್ಟು ಬೇಗ ಸಂಶಯಗಳ ಬಲೆಗೆ ಬೀಳುತ್ತೇವೆ ಎಂಬುದಕ್ಕೆ ಇತ್ತೀಚಿನ ವಿದ್ಯಮಾನಗಳೇ ಸಾಕ್ಷಿ. ಮುಖವಾಡ ಧರಿಸಿ ಬಂದ ಸಾಕ್ಷಿಯ ಹೇಳಿಕೆಗಳನ್ನೇ ಪರಮಸತ್ಯವೆಂದು ಬಿಂಬಿಸಿದ ಮಾಧ್ಯಮಗಳ ವರ್ತನೆ ಖಂಡನೀಯ.
ಲಕ್ಷಾಂತರ ಭಕ್ತರ ಶ್ರದ್ಧೆಯ ಕೇಂದ್ರವನ್ನು ಅಪಮಾನಿಸುವ ಸಂಚಿನ ಹಿಂದೆ ಯಾರಿದ್ದಾರೆ ಎಂಬುದೇ ತನಿಖೆಯಾಗಬೇಕಾದ ವಿಷಯ. ಗ್ರಾಮಾಭಿವೃದ್ಧಿ ಯೋಜನೆಯ ಮೂಲಕ ಲಕ್ಷಾಂತರ ಕುಟುಂಬಗಳು ಸ್ವಾವಲಂಬನೆಯ ಹಾದಿ ಕಂಡುಕೊಂಡಿವೆ. ನ್ಯಾಯಾಲಯದ ತೀರ್ಪಿಗೂ ಮುನ್ನವೇ ಮಾಧ್ಯಮ ವಿಚಾರಣೆ ನಡೆಸಿ ತೀರ್ಪು ನೀಡುವ ಪ್ರವೃತ್ತಿ ಅಪಾಯಕಾರಿ. ಸತ್ಯ ಶೋಧನೆಗೆ ತನಿಖಾ ಸಂಸ್ಥೆಗಳಿವೆ; ಅವುಗಳ ಮೇಲೆ ವಿಶ್ವಾಸವಿಡುವುದು ನಾಗರಿಕ ಸಮಾಜದ ಲಕ್ಷಣ. ವು ಸಮಾಜವಾಗಿ ಎಷ್ಟು ಬೇಗ ಸಂಶಯಗಳ ಬಲೆಗೆ ಬೀಳುತ್ತೇವೆ ಎಂಬುದಕ್ಕೆ ಇತ್ತೀಚಿನ ವಿದ್ಯಮಾನಗಳೇ ಸಾಕ್ಷಿ. ಮುಖವಾಡ ಧರಿಸಿ ಬಂದ ಸಾಕ್ಷಿಯ ಹೇಳಿಕೆಗಳನ್ನೇ ಪರಮಸತ್ಯವೆಂದು ಬಿಂಬಿಸಿದ ಮಾಧ್ಯಮಗಳ ವರ್ತನೆ ಖಂಡನೀಯ. ಸಂಶಯ ಪಡುವುದು ತಪ್ಪಲ್ಲ; ಆದರೆ ಸಂಶಯವನ್ನೇ ಸಿದ್ಧಾಂತವಾಗಿಸಿ ದ್ವೇಷ ಹರಡುವುದು ಸಮಾಜಘಾತುಕತನ. ಧಾರ್ಮಿಕ ಕ್ಷೇತ್ರಗಳನ್ನು ರಾಜಕೀಯ ದಾಳವಾಗಿಸುವ ಹುನ್ನಾರವನ್ನು ಪ್ರಜ್ಞಾವಂತ ಸಮಾಜ ವಿಫಲಗೊಳಿಸಬೇಕು. 2018-19ರ ಅವಧಿಯ ಪ್ರಕರಣಗಳನ್ನು ತಿರುಚಿ ಹೊಸ ಕಥೆ ಹೆಣೆದವರ ವಿರುದ್ಧ ಕಾನೂನು ಕ್ರಮ ಜರುಗಲೇಬೇಕು. ಶ್ರೀ ಕ್ಷೇತ್ರ ಧರ್ಮಸ್ಥಳದ ಕುರಿತು ಹಬ್ಬಿಸಲಾದ ವದಂತಿಗಳು ಯಾವ ಆಧಾರವೂ ಇಲ್ಲದೆ ಜನಮಾನಸದಲ್ಲಿ ವಿಷಬೀಜ ಬಿತ್ತಿವೆ. ಎಸ್‌ಐಟಿ ತನಿಖೆಯಲ್ಲಿ ಅಸ್ಥಿಪಂಜರದ ಕಥೆ ಸುಳ್ಳೆಂದು ಸಾಬೀತಾದ ಮೇಲೂ ಕ್ಷಮೆ ಕೇಳುವ ಸೌಜನ್ಯವನ್ನು ಯಾರೂ ತೋರಲಿಲ್ಲ. ಅನ್ನದಾನ, ವಿದ್ಯಾದಾನ ಮತ್ತು ಆರೋಗ್ಯ ಸೇವೆಯ ಕಾರ್ಯಗಳು ಕ್ಷೇತ್ರದಲ್ಲಿ ದಶಕಗಳಿಂದ ನಿರಂತರವಾಗಿ ನಡೆದುಕೊಂಡು ಬಂದಿವೆ.	◆
